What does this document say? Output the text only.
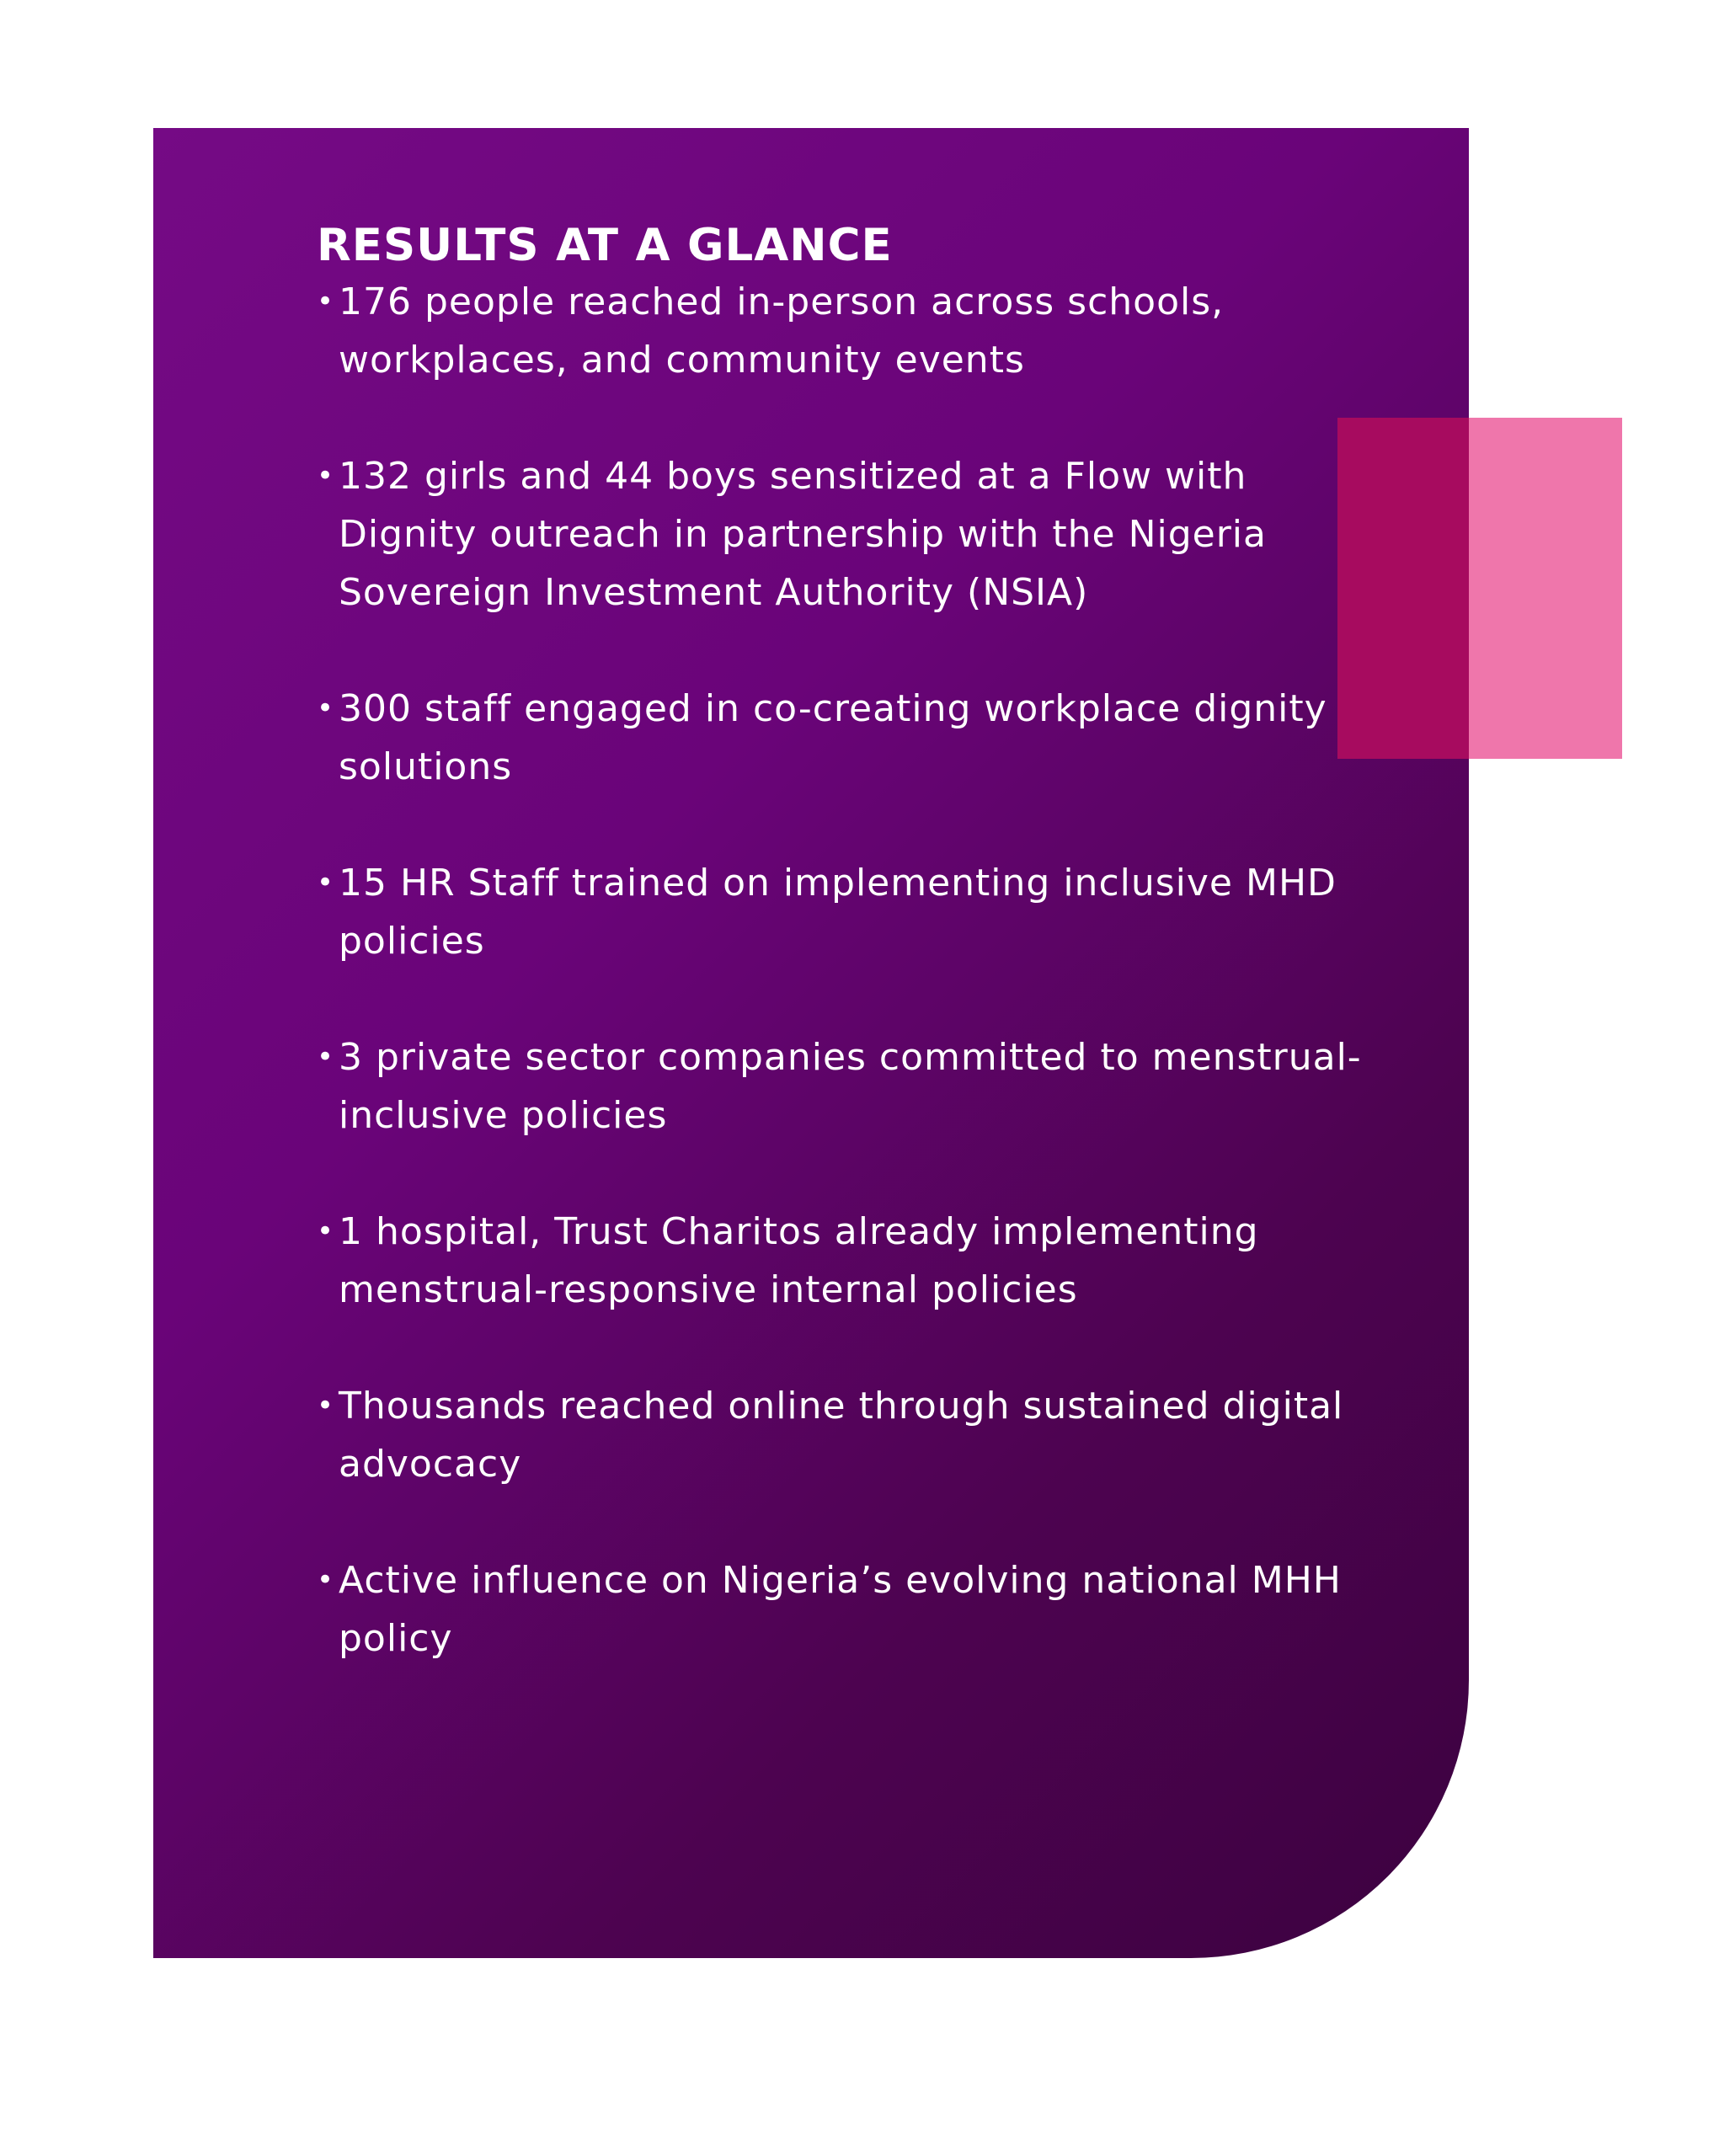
RESULTS AT A GLANCE
• 176 people reached in-person across schools, workplaces, and community events
• 132 girls and 44 boys sensitized at a Flow with Dignity outreach in partnership with the Nigeria Sovereign Investment Authority (NSIA)
• 300 staff engaged in co-creating workplace dignity solutions
• 15 HR Staff trained on implementing inclusive MHD policies
• 3 private sector companies committed to menstrual-inclusive policies
• 1 hospital, Trust Charitos already implementing menstrual-responsive internal policies
• Thousands reached online through sustained digital advocacy
• Active influence on Nigeria’s evolving national MHH policy
